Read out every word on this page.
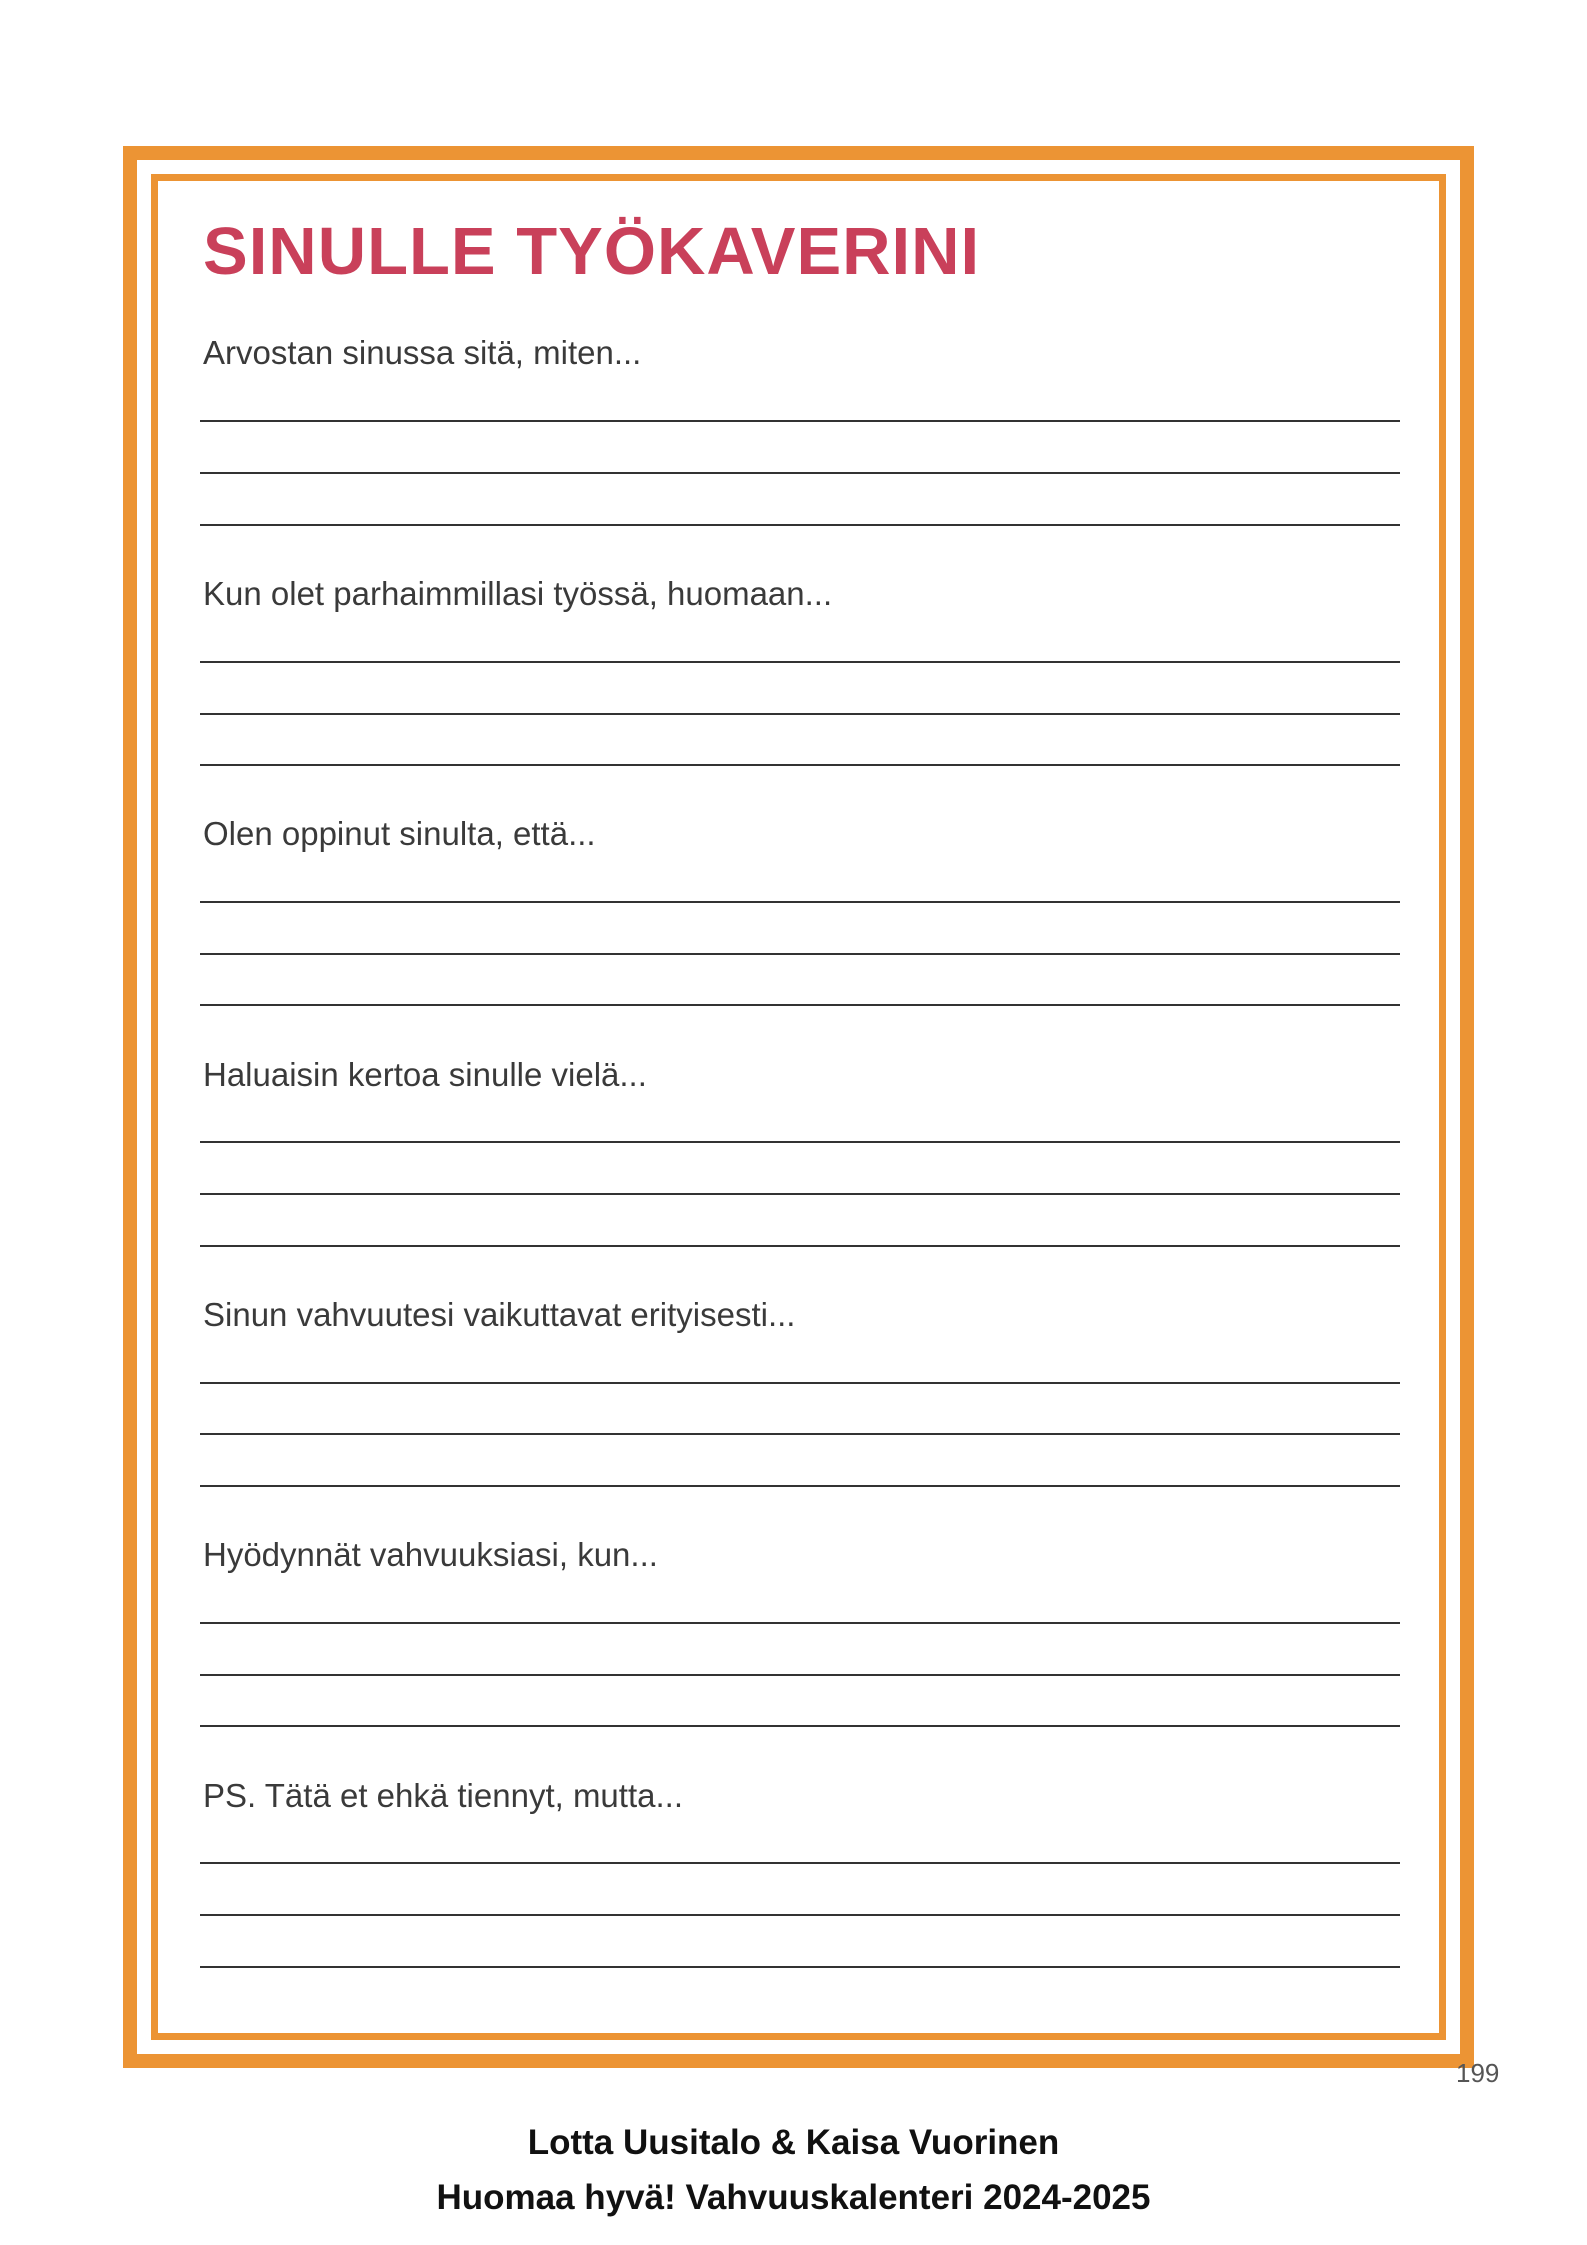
SINULLE TYÖKAVERINI

Arvostan sinussa sitä, miten...

Kun olet parhaimmillasi työssä, huomaan...

Olen oppinut sinulta, että...

Haluaisin kertoa sinulle vielä...

Sinun vahvuutesi vaikuttavat erityisesti...

Hyödynnät vahvuuksiasi, kun...

PS. Tätä et ehkä tiennyt, mutta...

199
Lotta Uusitalo & Kaisa Vuorinen
Huomaa hyvä! Vahvuuskalenteri 2024-2025
